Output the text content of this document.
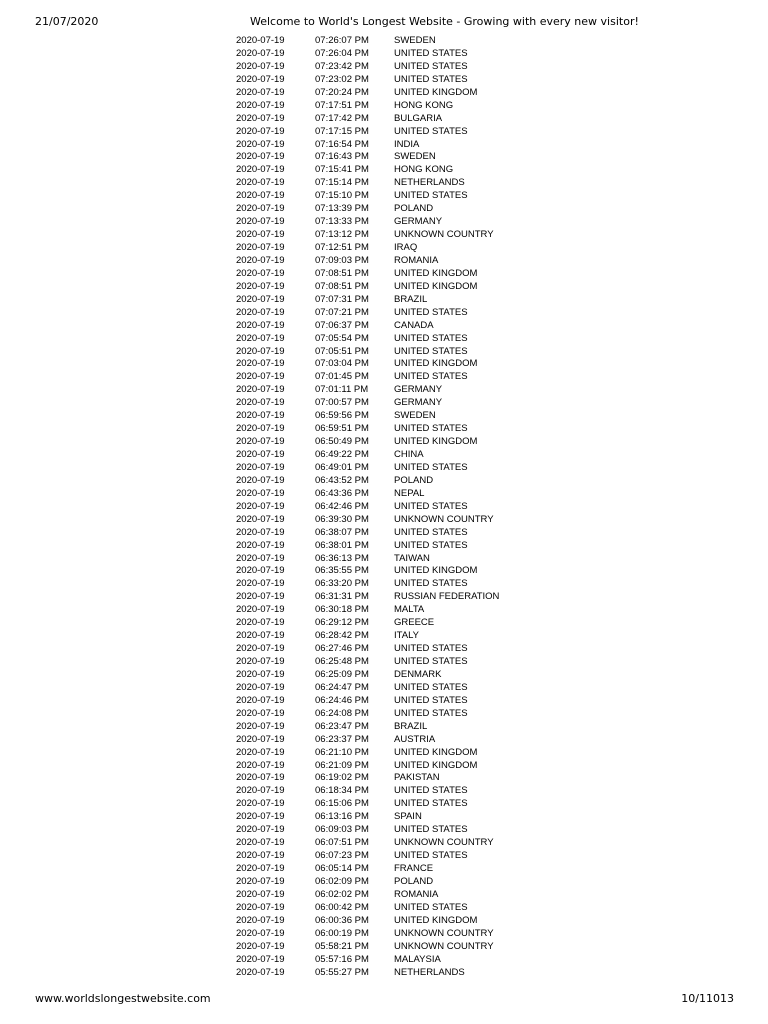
21/07/2020	Welcome to World's Longest Website - Growing with every new visitor!
2020-07-19	07:26:07 PM	SWEDEN
2020-07-19	07:26:04 PM	UNITED STATES
2020-07-19	07:23:42 PM	UNITED STATES
2020-07-19	07:23:02 PM	UNITED STATES
2020-07-19	07:20:24 PM	UNITED KINGDOM
2020-07-19	07:17:51 PM	HONG KONG
2020-07-19	07:17:42 PM	BULGARIA
2020-07-19	07:17:15 PM	UNITED STATES
2020-07-19	07:16:54 PM	INDIA
2020-07-19	07:16:43 PM	SWEDEN
2020-07-19	07:15:41 PM	HONG KONG
2020-07-19	07:15:14 PM	NETHERLANDS
2020-07-19	07:15:10 PM	UNITED STATES
2020-07-19	07:13:39 PM	POLAND
2020-07-19	07:13:33 PM	GERMANY
2020-07-19	07:13:12 PM	UNKNOWN COUNTRY
2020-07-19	07:12:51 PM	IRAQ
2020-07-19	07:09:03 PM	ROMANIA
2020-07-19	07:08:51 PM	UNITED KINGDOM
2020-07-19	07:08:51 PM	UNITED KINGDOM
2020-07-19	07:07:31 PM	BRAZIL
2020-07-19	07:07:21 PM	UNITED STATES
2020-07-19	07:06:37 PM	CANADA
2020-07-19	07:05:54 PM	UNITED STATES
2020-07-19	07:05:51 PM	UNITED STATES
2020-07-19	07:03:04 PM	UNITED KINGDOM
2020-07-19	07:01:45 PM	UNITED STATES
2020-07-19	07:01:11 PM	GERMANY
2020-07-19	07:00:57 PM	GERMANY
2020-07-19	06:59:56 PM	SWEDEN
2020-07-19	06:59:51 PM	UNITED STATES
2020-07-19	06:50:49 PM	UNITED KINGDOM
2020-07-19	06:49:22 PM	CHINA
2020-07-19	06:49:01 PM	UNITED STATES
2020-07-19	06:43:52 PM	POLAND
2020-07-19	06:43:36 PM	NEPAL
2020-07-19	06:42:46 PM	UNITED STATES
2020-07-19	06:39:30 PM	UNKNOWN COUNTRY
2020-07-19	06:38:07 PM	UNITED STATES
2020-07-19	06:38:01 PM	UNITED STATES
2020-07-19	06:36:13 PM	TAIWAN
2020-07-19	06:35:55 PM	UNITED KINGDOM
2020-07-19	06:33:20 PM	UNITED STATES
2020-07-19	06:31:31 PM	RUSSIAN FEDERATION
2020-07-19	06:30:18 PM	MALTA
2020-07-19	06:29:12 PM	GREECE
2020-07-19	06:28:42 PM	ITALY
2020-07-19	06:27:46 PM	UNITED STATES
2020-07-19	06:25:48 PM	UNITED STATES
2020-07-19	06:25:09 PM	DENMARK
2020-07-19	06:24:47 PM	UNITED STATES
2020-07-19	06:24:46 PM	UNITED STATES
2020-07-19	06:24:08 PM	UNITED STATES
2020-07-19	06:23:47 PM	BRAZIL
2020-07-19	06:23:37 PM	AUSTRIA
2020-07-19	06:21:10 PM	UNITED KINGDOM
2020-07-19	06:21:09 PM	UNITED KINGDOM
2020-07-19	06:19:02 PM	PAKISTAN
2020-07-19	06:18:34 PM	UNITED STATES
2020-07-19	06:15:06 PM	UNITED STATES
2020-07-19	06:13:16 PM	SPAIN
2020-07-19	06:09:03 PM	UNITED STATES
2020-07-19	06:07:51 PM	UNKNOWN COUNTRY
2020-07-19	06:07:23 PM	UNITED STATES
2020-07-19	06:05:14 PM	FRANCE
2020-07-19	06:02:09 PM	POLAND
2020-07-19	06:02:02 PM	ROMANIA
2020-07-19	06:00:42 PM	UNITED STATES
2020-07-19	06:00:36 PM	UNITED KINGDOM
2020-07-19	06:00:19 PM	UNKNOWN COUNTRY
2020-07-19	05:58:21 PM	UNKNOWN COUNTRY
2020-07-19	05:57:16 PM	MALAYSIA
2020-07-19	05:55:27 PM	NETHERLANDS
www.worldslongestwebsite.com	10/11013
